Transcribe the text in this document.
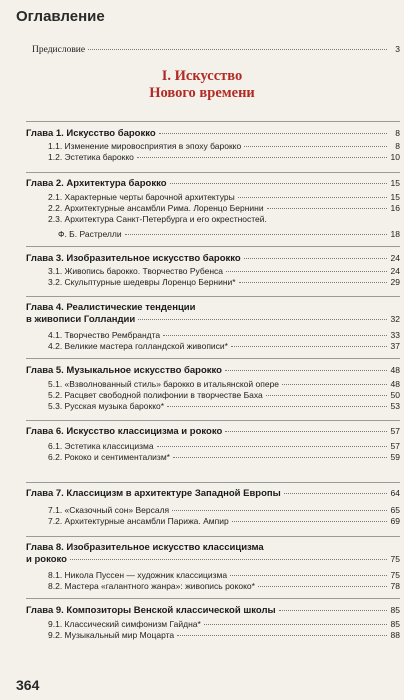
Оглавление
Предисловие	3
I. Искусство
Нового времени
Глава 1. Искусство барокко	8
1.1. Изменение мировосприятия в эпоху барокко	8
1.2. Эстетика барокко	10
Глава 2. Архитектура барокко	15
2.1. Характерные черты барочной архитектуры	15
2.2. Архитектурные ансамбли Рима. Лоренцо Бернини	16
2.3. Архитектура Санкт-Петербурга и его окрестностей.
Ф. Б. Растрелли	18
Глава 3. Изобразительное искусство барокко	24
3.1. Живопись барокко. Творчество Рубенса	24
3.2. Скульптурные шедевры Лоренцо Бернини*	29
Глава 4. Реалистические тенденции
в живописи Голландии	32
4.1. Творчество Рембрандта	33
4.2. Великие мастера голландской живописи*	37
Глава 5. Музыкальное искусство барокко	48
5.1. «Взволнованный стиль» барокко в итальянской опере	48
5.2. Расцвет свободной полифонии в творчестве Баха	50
5.3. Русская музыка барокко*	53
Глава 6. Искусство классицизма и рококо	57
6.1. Эстетика классицизма	57
6.2. Рококо и сентиментализм*	59
Глава 7. Классицизм в архитектуре Западной Европы	64
7.1. «Сказочный сон» Версаля	65
7.2. Архитектурные ансамбли Парижа. Ампир	69
Глава 8. Изобразительное искусство классицизма
и рококо	75
8.1. Никола Пуссен — художник классицизма	75
8.2. Мастера «галантного жанра»: живопись рококо*	78
Глава 9. Композиторы Венской классической школы	85
9.1. Классический симфонизм Гайдна*	85
9.2. Музыкальный мир Моцарта	88
364
